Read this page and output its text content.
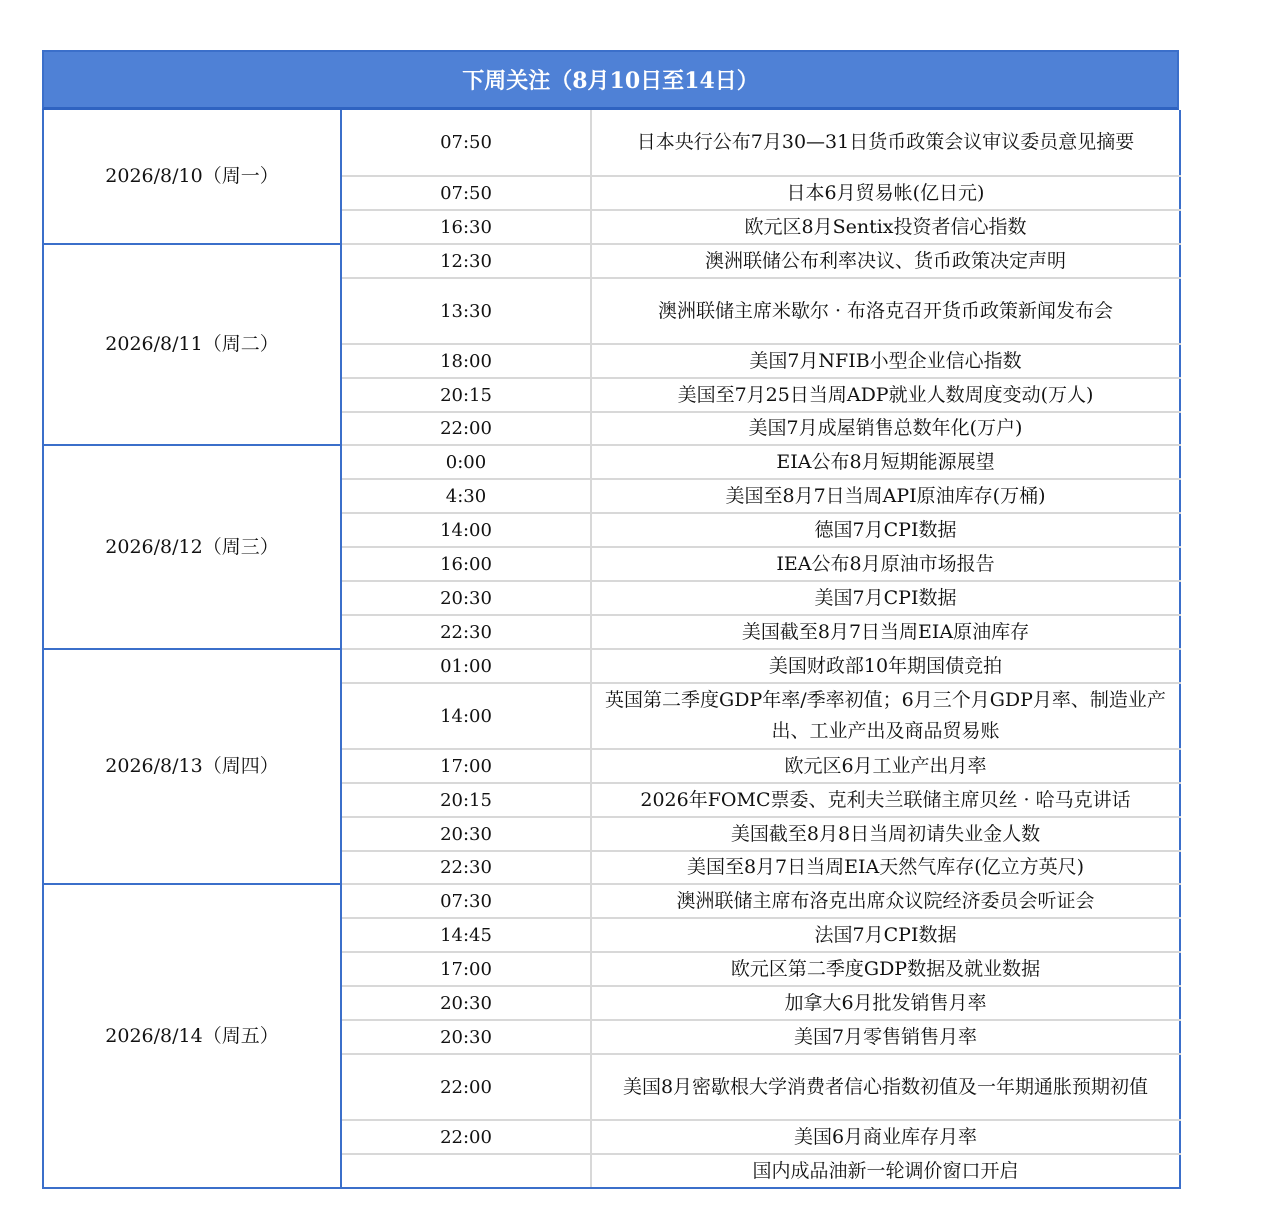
下周关注（8月10日至14日）
2026/8/10（周一）	07:50	日本央行公布7月30—31日货币政策会议审议委员意见摘要
	07:50	日本6月贸易帐(亿日元)
	16:30	欧元区8月Sentix投资者信心指数
2026/8/11（周二）	12:30	澳洲联储公布利率决议、货币政策决定声明
	13:30	澳洲联储主席米歇尔 · 布洛克召开货币政策新闻发布会
	18:00	美国7月NFIB小型企业信心指数
	20:15	美国至7月25日当周ADP就业人数周度变动(万人)
	22:00	美国7月成屋销售总数年化(万户)
2026/8/12（周三）	0:00	EIA公布8月短期能源展望
	4:30	美国至8月7日当周API原油库存(万桶)
	14:00	德国7月CPI数据
	16:00	IEA公布8月原油市场报告
	20:30	美国7月CPI数据
	22:30	美国截至8月7日当周EIA原油库存
2026/8/13（周四）	01:00	美国财政部10年期国债竞拍
	14:00	英国第二季度GDP年率/季率初值；6月三个月GDP月率、制造业产出、工业产出及商品贸易账
	17:00	欧元区6月工业产出月率
	20:15	2026年FOMC票委、克利夫兰联储主席贝丝 · 哈马克讲话
	20:30	美国截至8月8日当周初请失业金人数
	22:30	美国至8月7日当周EIA天然气库存(亿立方英尺)
2026/8/14（周五）	07:30	澳洲联储主席布洛克出席众议院经济委员会听证会
	14:45	法国7月CPI数据
	17:00	欧元区第二季度GDP数据及就业数据
	20:30	加拿大6月批发销售月率
	20:30	美国7月零售销售月率
	22:00	美国8月密歇根大学消费者信心指数初值及一年期通胀预期初值
	22:00	美国6月商业库存月率
		国内成品油新一轮调价窗口开启
